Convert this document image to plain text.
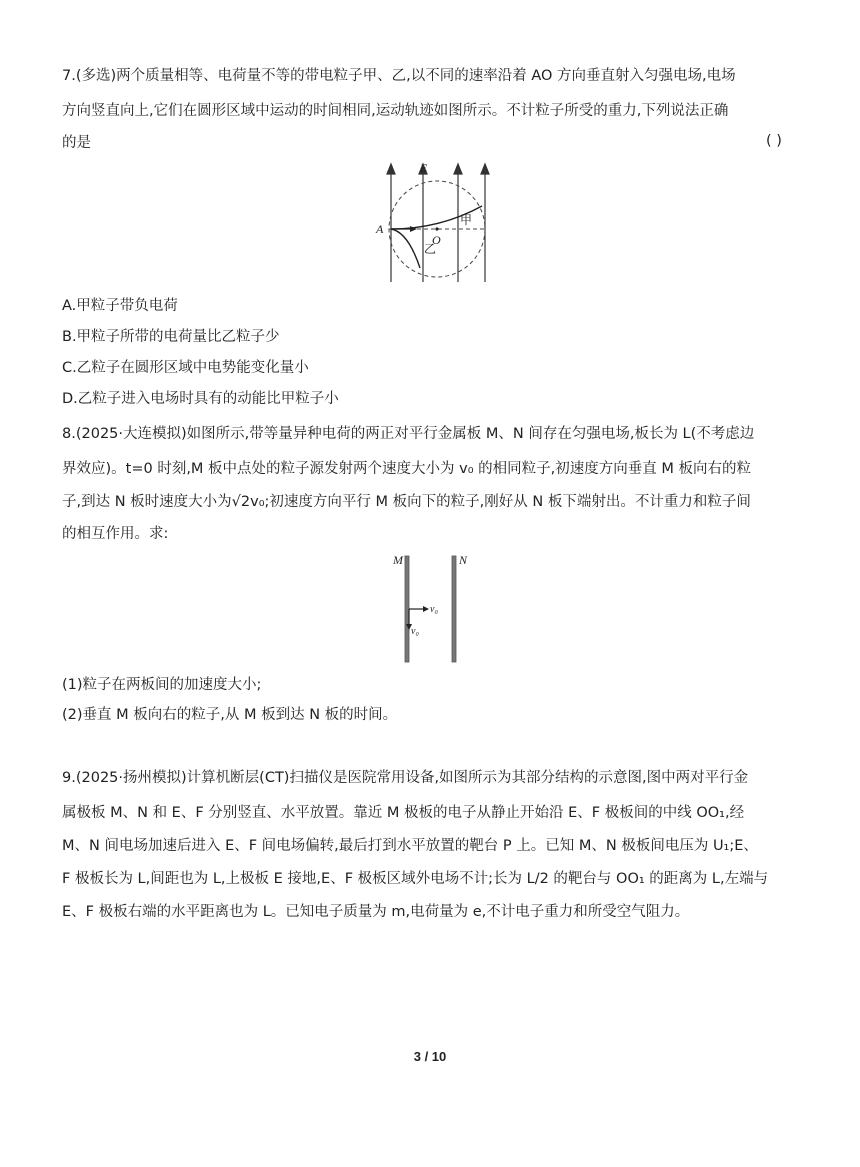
7.(多选)两个质量相等、电荷量不等的带电粒子甲、乙,以不同的速率沿着 AO 方向垂直射入匀强电场,电场
方向竖直向上,它们在圆形区域中运动的时间相同,运动轨迹如图所示。不计粒子所受的重力,下列说法正确
的是	( )
E
A
O
甲
乙
A.甲粒子带负电荷
B.甲粒子所带的电荷量比乙粒子少
C.乙粒子在圆形区域中电势能变化量小
D.乙粒子进入电场时具有的动能比甲粒子小
8.(2025·大连模拟)如图所示,带等量异种电荷的两正对平行金属板 M、N 间存在匀强电场,板长为 L(不考虑边
界效应)。t=0 时刻,M 板中点处的粒子源发射两个速度大小为 v₀ 的相同粒子,初速度方向垂直 M 板向右的粒
子,到达 N 板时速度大小为√2v₀;初速度方向平行 M 板向下的粒子,刚好从 N 板下端射出。不计重力和粒子间
的相互作用。求:
M	N
v₀
v₀
(1)粒子在两板间的加速度大小;
(2)垂直 M 板向右的粒子,从 M 板到达 N 板的时间。
9.(2025·扬州模拟)计算机断层(CT)扫描仪是医院常用设备,如图所示为其部分结构的示意图,图中两对平行金
属极板 M、N 和 E、F 分别竖直、水平放置。靠近 M 极板的电子从静止开始沿 E、F 极板间的中线 OO₁,经
M、N 间电场加速后进入 E、F 间电场偏转,最后打到水平放置的靶台 P 上。已知 M、N 极板间电压为 U₁;E、
F 极板长为 L,间距也为 L,上极板 E 接地,E、F 极板区域外电场不计;长为 L/2 的靶台与 OO₁ 的距离为 L,左端与
E、F 极板右端的水平距离也为 L。已知电子质量为 m,电荷量为 e,不计电子重力和所受空气阻力。
3 / 10
